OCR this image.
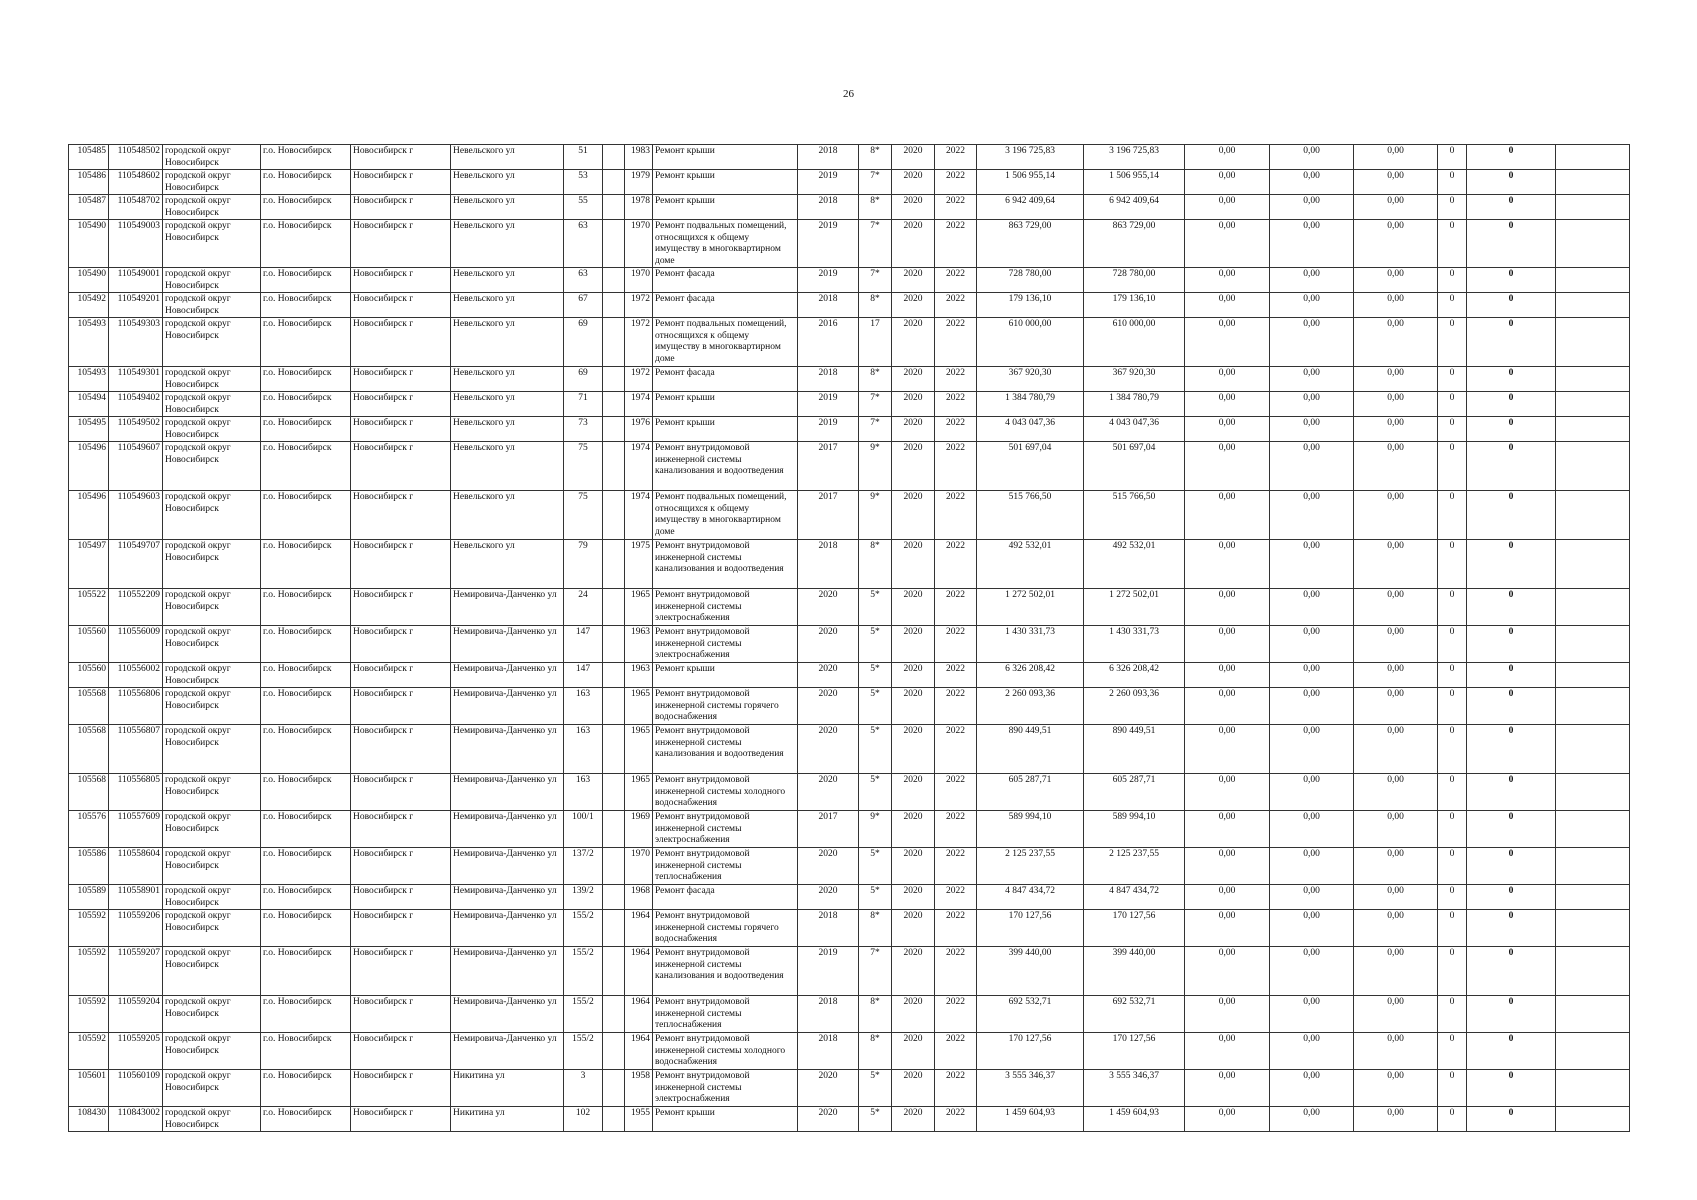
26
105485	110548502	городской округ Новосибирск	г.о. Новосибирск	Новосибирск г	Невельского ул	51		1983	Ремонт крыши	2018	8*	2020	2022	3 196 725,83	3 196 725,83	0,00	0,00	0,00	0	0	
105486	110548602	городской округ Новосибирск	г.о. Новосибирск	Новосибирск г	Невельского ул	53		1979	Ремонт крыши	2019	7*	2020	2022	1 506 955,14	1 506 955,14	0,00	0,00	0,00	0	0	
105487	110548702	городской округ Новосибирск	г.о. Новосибирск	Новосибирск г	Невельского ул	55		1978	Ремонт крыши	2018	8*	2020	2022	6 942 409,64	6 942 409,64	0,00	0,00	0,00	0	0	
105490	110549003	городской округ Новосибирск	г.о. Новосибирск	Новосибирск г	Невельского ул	63		1970	Ремонт подвальных помещений, относящихся к общему имуществу в многоквартирном доме	2019	7*	2020	2022	863 729,00	863 729,00	0,00	0,00	0,00	0	0	
105490	110549001	городской округ Новосибирск	г.о. Новосибирск	Новосибирск г	Невельского ул	63		1970	Ремонт фасада	2019	7*	2020	2022	728 780,00	728 780,00	0,00	0,00	0,00	0	0	
105492	110549201	городской округ Новосибирск	г.о. Новосибирск	Новосибирск г	Невельского ул	67		1972	Ремонт фасада	2018	8*	2020	2022	179 136,10	179 136,10	0,00	0,00	0,00	0	0	
105493	110549303	городской округ Новосибирск	г.о. Новосибирск	Новосибирск г	Невельского ул	69		1972	Ремонт подвальных помещений, относящихся к общему имуществу в многоквартирном доме	2016	17	2020	2022	610 000,00	610 000,00	0,00	0,00	0,00	0	0	
105493	110549301	городской округ Новосибирск	г.о. Новосибирск	Новосибирск г	Невельского ул	69		1972	Ремонт фасада	2018	8*	2020	2022	367 920,30	367 920,30	0,00	0,00	0,00	0	0	
105494	110549402	городской округ Новосибирск	г.о. Новосибирск	Новосибирск г	Невельского ул	71		1974	Ремонт крыши	2019	7*	2020	2022	1 384 780,79	1 384 780,79	0,00	0,00	0,00	0	0	
105495	110549502	городской округ Новосибирск	г.о. Новосибирск	Новосибирск г	Невельского ул	73		1976	Ремонт крыши	2019	7*	2020	2022	4 043 047,36	4 043 047,36	0,00	0,00	0,00	0	0	
105496	110549607	городской округ Новосибирск	г.о. Новосибирск	Новосибирск г	Невельского ул	75		1974	Ремонт внутридомовой инженерной системы канализования и водоотведения	2017	9*	2020	2022	501 697,04	501 697,04	0,00	0,00	0,00	0	0	
105496	110549603	городской округ Новосибирск	г.о. Новосибирск	Новосибирск г	Невельского ул	75		1974	Ремонт подвальных помещений, относящихся к общему имуществу в многоквартирном доме	2017	9*	2020	2022	515 766,50	515 766,50	0,00	0,00	0,00	0	0	
105497	110549707	городской округ Новосибирск	г.о. Новосибирск	Новосибирск г	Невельского ул	79		1975	Ремонт внутридомовой инженерной системы канализования и водоотведения	2018	8*	2020	2022	492 532,01	492 532,01	0,00	0,00	0,00	0	0	
105522	110552209	городской округ Новосибирск	г.о. Новосибирск	Новосибирск г	Немировича-Данченко ул	24		1965	Ремонт внутридомовой инженерной системы электроснабжения	2020	5*	2020	2022	1 272 502,01	1 272 502,01	0,00	0,00	0,00	0	0	
105560	110556009	городской округ Новосибирск	г.о. Новосибирск	Новосибирск г	Немировича-Данченко ул	147		1963	Ремонт внутридомовой инженерной системы электроснабжения	2020	5*	2020	2022	1 430 331,73	1 430 331,73	0,00	0,00	0,00	0	0	
105560	110556002	городской округ Новосибирск	г.о. Новосибирск	Новосибирск г	Немировича-Данченко ул	147		1963	Ремонт крыши	2020	5*	2020	2022	6 326 208,42	6 326 208,42	0,00	0,00	0,00	0	0	
105568	110556806	городской округ Новосибирск	г.о. Новосибирск	Новосибирск г	Немировича-Данченко ул	163		1965	Ремонт внутридомовой инженерной системы горячего водоснабжения	2020	5*	2020	2022	2 260 093,36	2 260 093,36	0,00	0,00	0,00	0	0	
105568	110556807	городской округ Новосибирск	г.о. Новосибирск	Новосибирск г	Немировича-Данченко ул	163		1965	Ремонт внутридомовой инженерной системы канализования и водоотведения	2020	5*	2020	2022	890 449,51	890 449,51	0,00	0,00	0,00	0	0	
105568	110556805	городской округ Новосибирск	г.о. Новосибирск	Новосибирск г	Немировича-Данченко ул	163		1965	Ремонт внутридомовой инженерной системы холодного водоснабжения	2020	5*	2020	2022	605 287,71	605 287,71	0,00	0,00	0,00	0	0	
105576	110557609	городской округ Новосибирск	г.о. Новосибирск	Новосибирск г	Немировича-Данченко ул	100/1		1969	Ремонт внутридомовой инженерной системы электроснабжения	2017	9*	2020	2022	589 994,10	589 994,10	0,00	0,00	0,00	0	0	
105586	110558604	городской округ Новосибирск	г.о. Новосибирск	Новосибирск г	Немировича-Данченко ул	137/2		1970	Ремонт внутридомовой инженерной системы теплоснабжения	2020	5*	2020	2022	2 125 237,55	2 125 237,55	0,00	0,00	0,00	0	0	
105589	110558901	городской округ Новосибирск	г.о. Новосибирск	Новосибирск г	Немировича-Данченко ул	139/2		1968	Ремонт фасада	2020	5*	2020	2022	4 847 434,72	4 847 434,72	0,00	0,00	0,00	0	0	
105592	110559206	городской округ Новосибирск	г.о. Новосибирск	Новосибирск г	Немировича-Данченко ул	155/2		1964	Ремонт внутридомовой инженерной системы горячего водоснабжения	2018	8*	2020	2022	170 127,56	170 127,56	0,00	0,00	0,00	0	0	
105592	110559207	городской округ Новосибирск	г.о. Новосибирск	Новосибирск г	Немировича-Данченко ул	155/2		1964	Ремонт внутридомовой инженерной системы канализования и водоотведения	2019	7*	2020	2022	399 440,00	399 440,00	0,00	0,00	0,00	0	0	
105592	110559204	городской округ Новосибирск	г.о. Новосибирск	Новосибирск г	Немировича-Данченко ул	155/2		1964	Ремонт внутридомовой инженерной системы теплоснабжения	2018	8*	2020	2022	692 532,71	692 532,71	0,00	0,00	0,00	0	0	
105592	110559205	городской округ Новосибирск	г.о. Новосибирск	Новосибирск г	Немировича-Данченко ул	155/2		1964	Ремонт внутридомовой инженерной системы холодного водоснабжения	2018	8*	2020	2022	170 127,56	170 127,56	0,00	0,00	0,00	0	0	
105601	110560109	городской округ Новосибирск	г.о. Новосибирск	Новосибирск г	Никитина ул	3		1958	Ремонт внутридомовой инженерной системы электроснабжения	2020	5*	2020	2022	3 555 346,37	3 555 346,37	0,00	0,00	0,00	0	0	
108430	110843002	городской округ Новосибирск	г.о. Новосибирск	Новосибирск г	Никитина ул	102		1955	Ремонт крыши	2020	5*	2020	2022	1 459 604,93	1 459 604,93	0,00	0,00	0,00	0	0	
